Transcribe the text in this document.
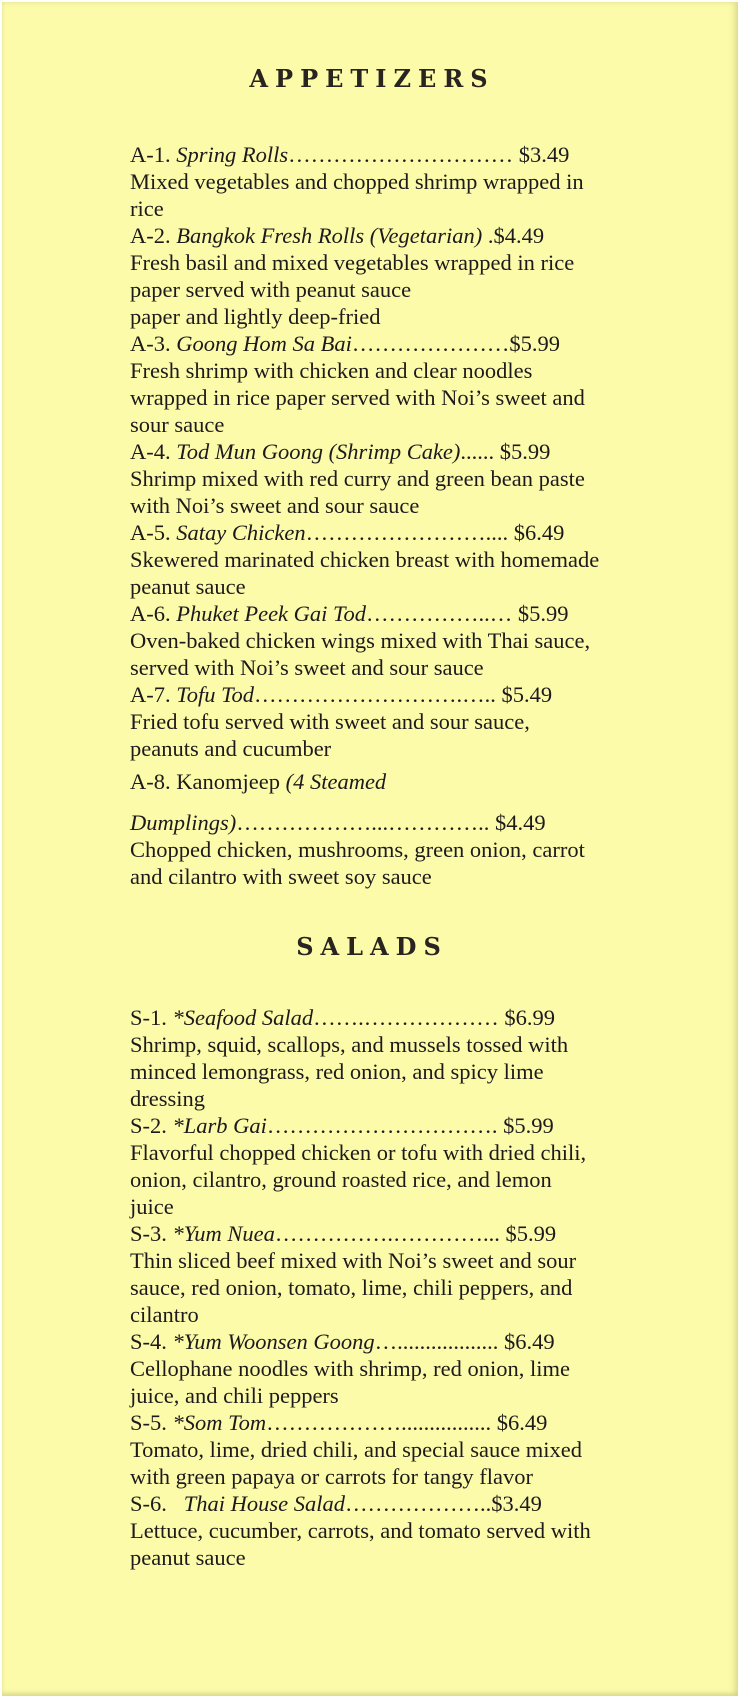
APPETIZERS
A-1. Spring Rolls………………………… $3.49
Mixed vegetables and chopped shrimp wrapped in
rice
A-2. Bangkok Fresh Rolls (Vegetarian) .$4.49
Fresh basil and mixed vegetables wrapped in rice
paper served with peanut sauce
paper and lightly deep-fried
A-3. Goong Hom Sa Bai…………………$5.99
Fresh shrimp with chicken and clear noodles
wrapped in rice paper served with Noi’s sweet and
sour sauce
A-4. Tod Mun Goong (Shrimp Cake)...... $5.99
Shrimp mixed with red curry and green bean paste
with Noi’s sweet and sour sauce
A-5. Satay Chicken…………………….... $6.49
Skewered marinated chicken breast with homemade
peanut sauce
A-6. Phuket Peek Gai Tod……………..… $5.99
Oven-baked chicken wings mixed with Thai sauce,
served with Noi’s sweet and sour sauce
A-7. Tofu Tod……………………….….. $5.49
Fried tofu served with sweet and sour sauce,
peanuts and cucumber
A-8. Kanomjeep (4 Steamed
Dumplings)………………...………….. $4.49
Chopped chicken, mushrooms, green onion, carrot
and cilantro with sweet soy sauce
SALADS
S-1. *Seafood Salad…….……………… $6.99
Shrimp, squid, scallops, and mussels tossed with
minced lemongrass, red onion, and spicy lime
dressing
S-2. *Larb Gai…………………………. $5.99
Flavorful chopped chicken or tofu with dried chili,
onion, cilantro, ground roasted rice, and lemon
juice
S-3. *Yum Nuea…………….…………... $5.99
Thin sliced beef mixed with Noi’s sweet and sour
sauce, red onion, tomato, lime, chili peppers, and
cilantro
S-4. *Yum Woonsen Goong….................. $6.49
Cellophane noodles with shrimp, red onion, lime
juice, and chili peppers
S-5. *Som Tom………………................ $6.49
Tomato, lime, dried chili, and special sauce mixed
with green papaya or carrots for tangy flavor
S-6.   Thai House Salad………………..$3.49
Lettuce, cucumber, carrots, and tomato served with
peanut sauce
